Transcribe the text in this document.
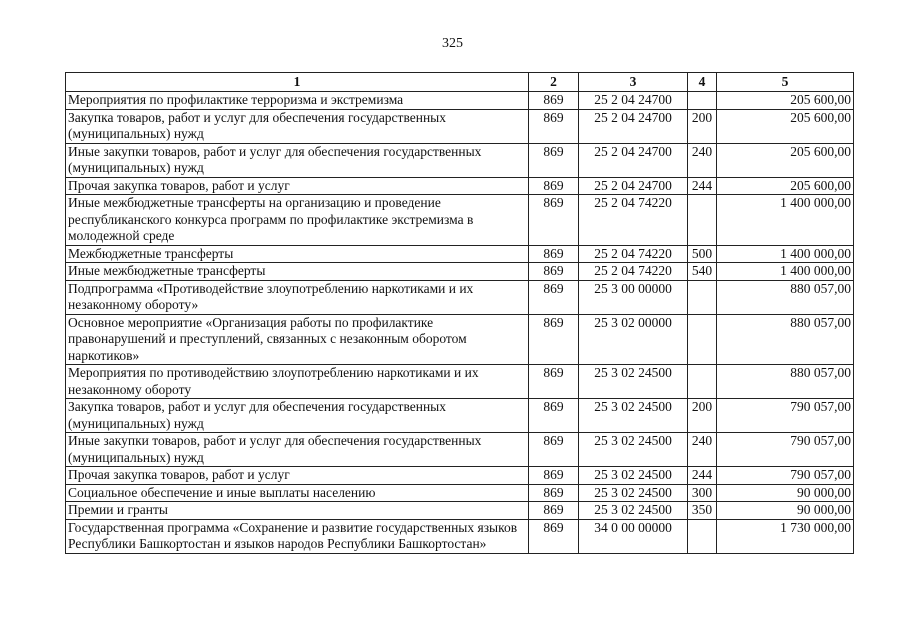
325
1	2	3	4	5
Мероприятия по профилактике терроризма и экстремизма	869	25 2 04 24700		205 600,00
Закупка товаров, работ и услуг для обеспечения государственных (муниципальных) нужд	869	25 2 04 24700	200	205 600,00
Иные закупки товаров, работ и услуг для обеспечения государственных (муниципальных) нужд	869	25 2 04 24700	240	205 600,00
Прочая закупка товаров, работ и услуг	869	25 2 04 24700	244	205 600,00
Иные межбюджетные трансферты на организацию и проведение республиканского конкурса программ по профилактике экстремизма в молодежной среде	869	25 2 04 74220		1 400 000,00
Межбюджетные трансферты	869	25 2 04 74220	500	1 400 000,00
Иные межбюджетные трансферты	869	25 2 04 74220	540	1 400 000,00
Подпрограмма «Противодействие злоупотреблению наркотиками и их незаконному обороту»	869	25 3 00 00000		880 057,00
Основное мероприятие «Организация работы по профилактике правонарушений и преступлений, связанных с незаконным оборотом наркотиков»	869	25 3 02 00000		880 057,00
Мероприятия по противодействию злоупотреблению наркотиками и их незаконному обороту	869	25 3 02 24500		880 057,00
Закупка товаров, работ и услуг для обеспечения государственных (муниципальных) нужд	869	25 3 02 24500	200	790 057,00
Иные закупки товаров, работ и услуг для обеспечения государственных (муниципальных) нужд	869	25 3 02 24500	240	790 057,00
Прочая закупка товаров, работ и услуг	869	25 3 02 24500	244	790 057,00
Социальное обеспечение и иные выплаты населению	869	25 3 02 24500	300	90 000,00
Премии и гранты	869	25 3 02 24500	350	90 000,00
Государственная программа «Сохранение и развитие государственных языков Республики Башкортостан и языков народов Республики Башкортостан»	869	34 0 00 00000		1 730 000,00
